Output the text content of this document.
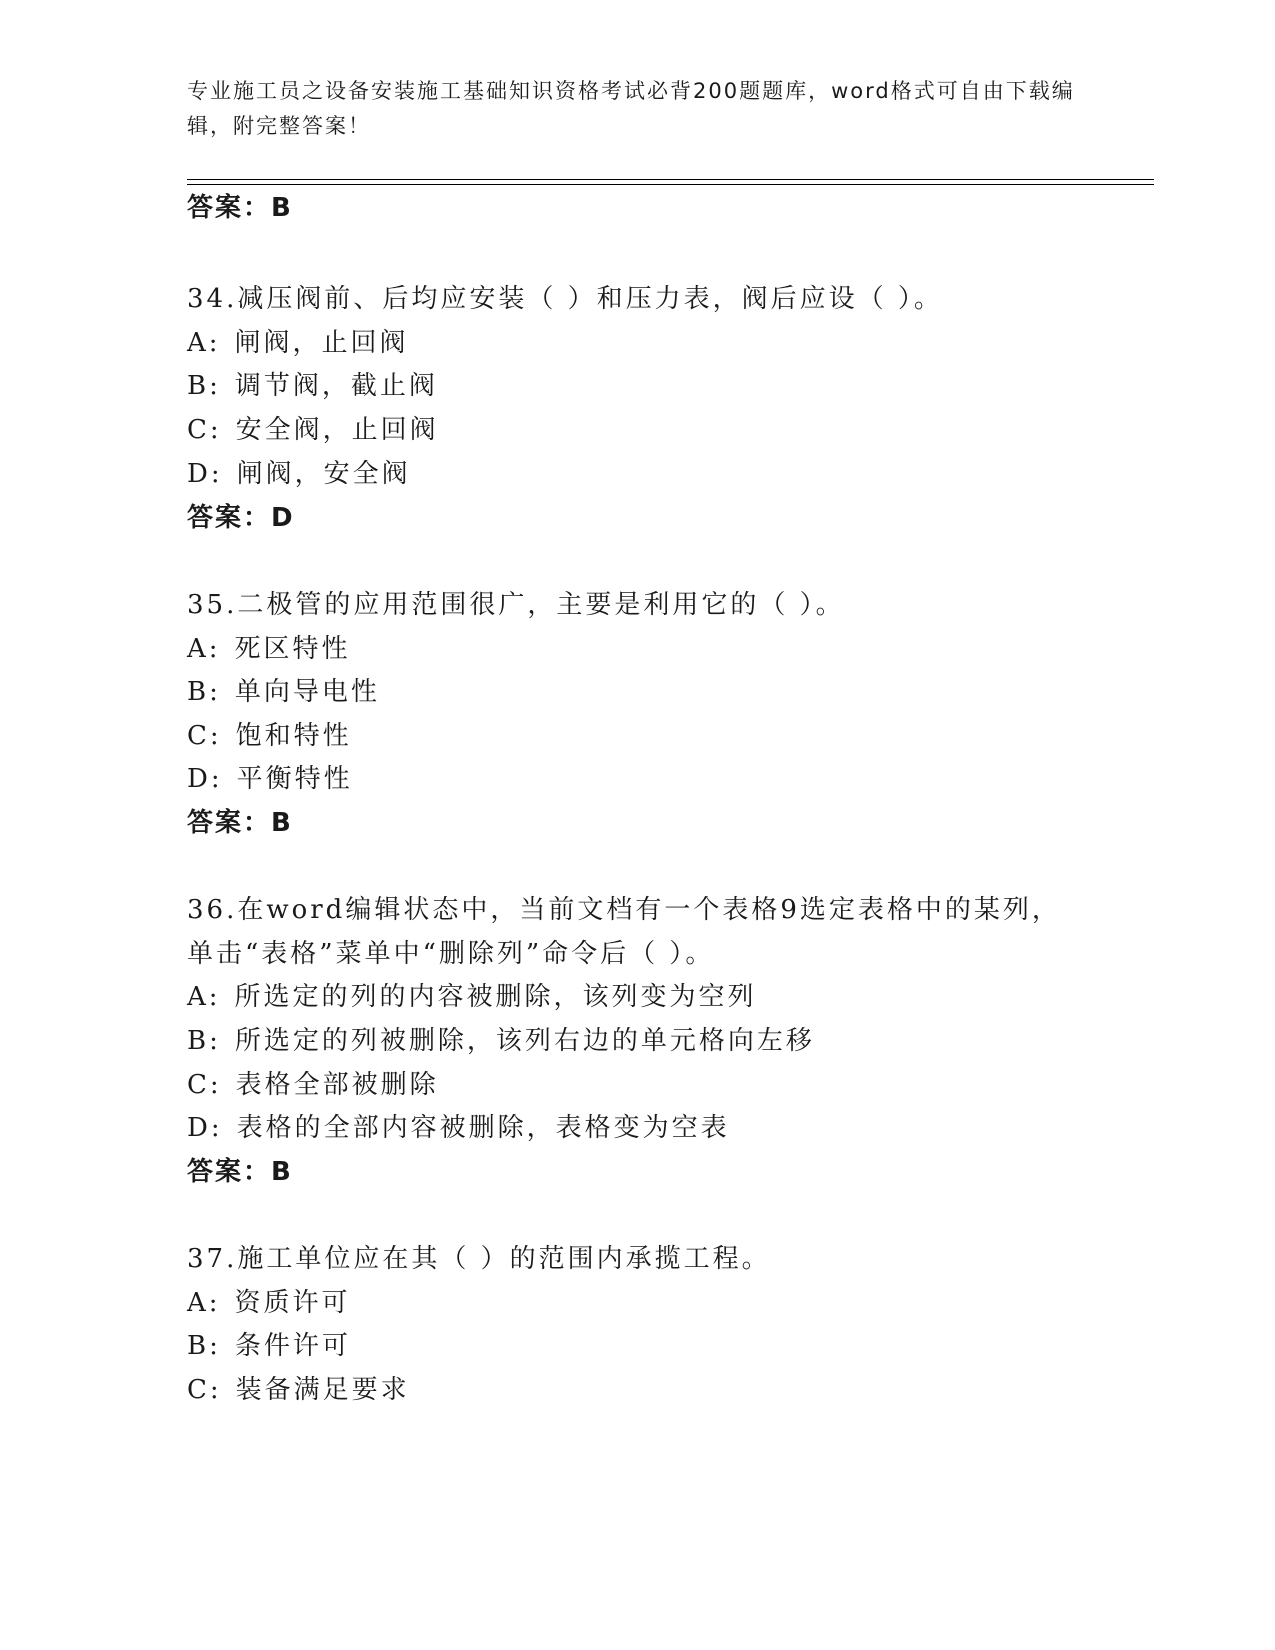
专业施工员之设备安装施工基础知识资格考试必背200题题库，word格式可自由下载编辑，附完整答案！
答案：B
34.减压阀前、后均应安装（ ）和压力表，阀后应设（ ）。
A: 闸阀，止回阀
B: 调节阀，截止阀
C: 安全阀，止回阀
D: 闸阀，安全阀
答案：D
35.二极管的应用范围很广，主要是利用它的（ ）。
A: 死区特性
B: 单向导电性
C: 饱和特性
D: 平衡特性
答案：B
36.在word编辑状态中，当前文档有一个表格9选定表格中的某列，
单击“表格”菜单中“删除列”命令后（ ）。
A: 所选定的列的内容被删除，该列变为空列
B: 所选定的列被删除，该列右边的单元格向左移
C: 表格全部被删除
D: 表格的全部内容被删除，表格变为空表
答案：B
37.施工单位应在其（ ）的范围内承揽工程。
A: 资质许可
B: 条件许可
C: 装备满足要求
